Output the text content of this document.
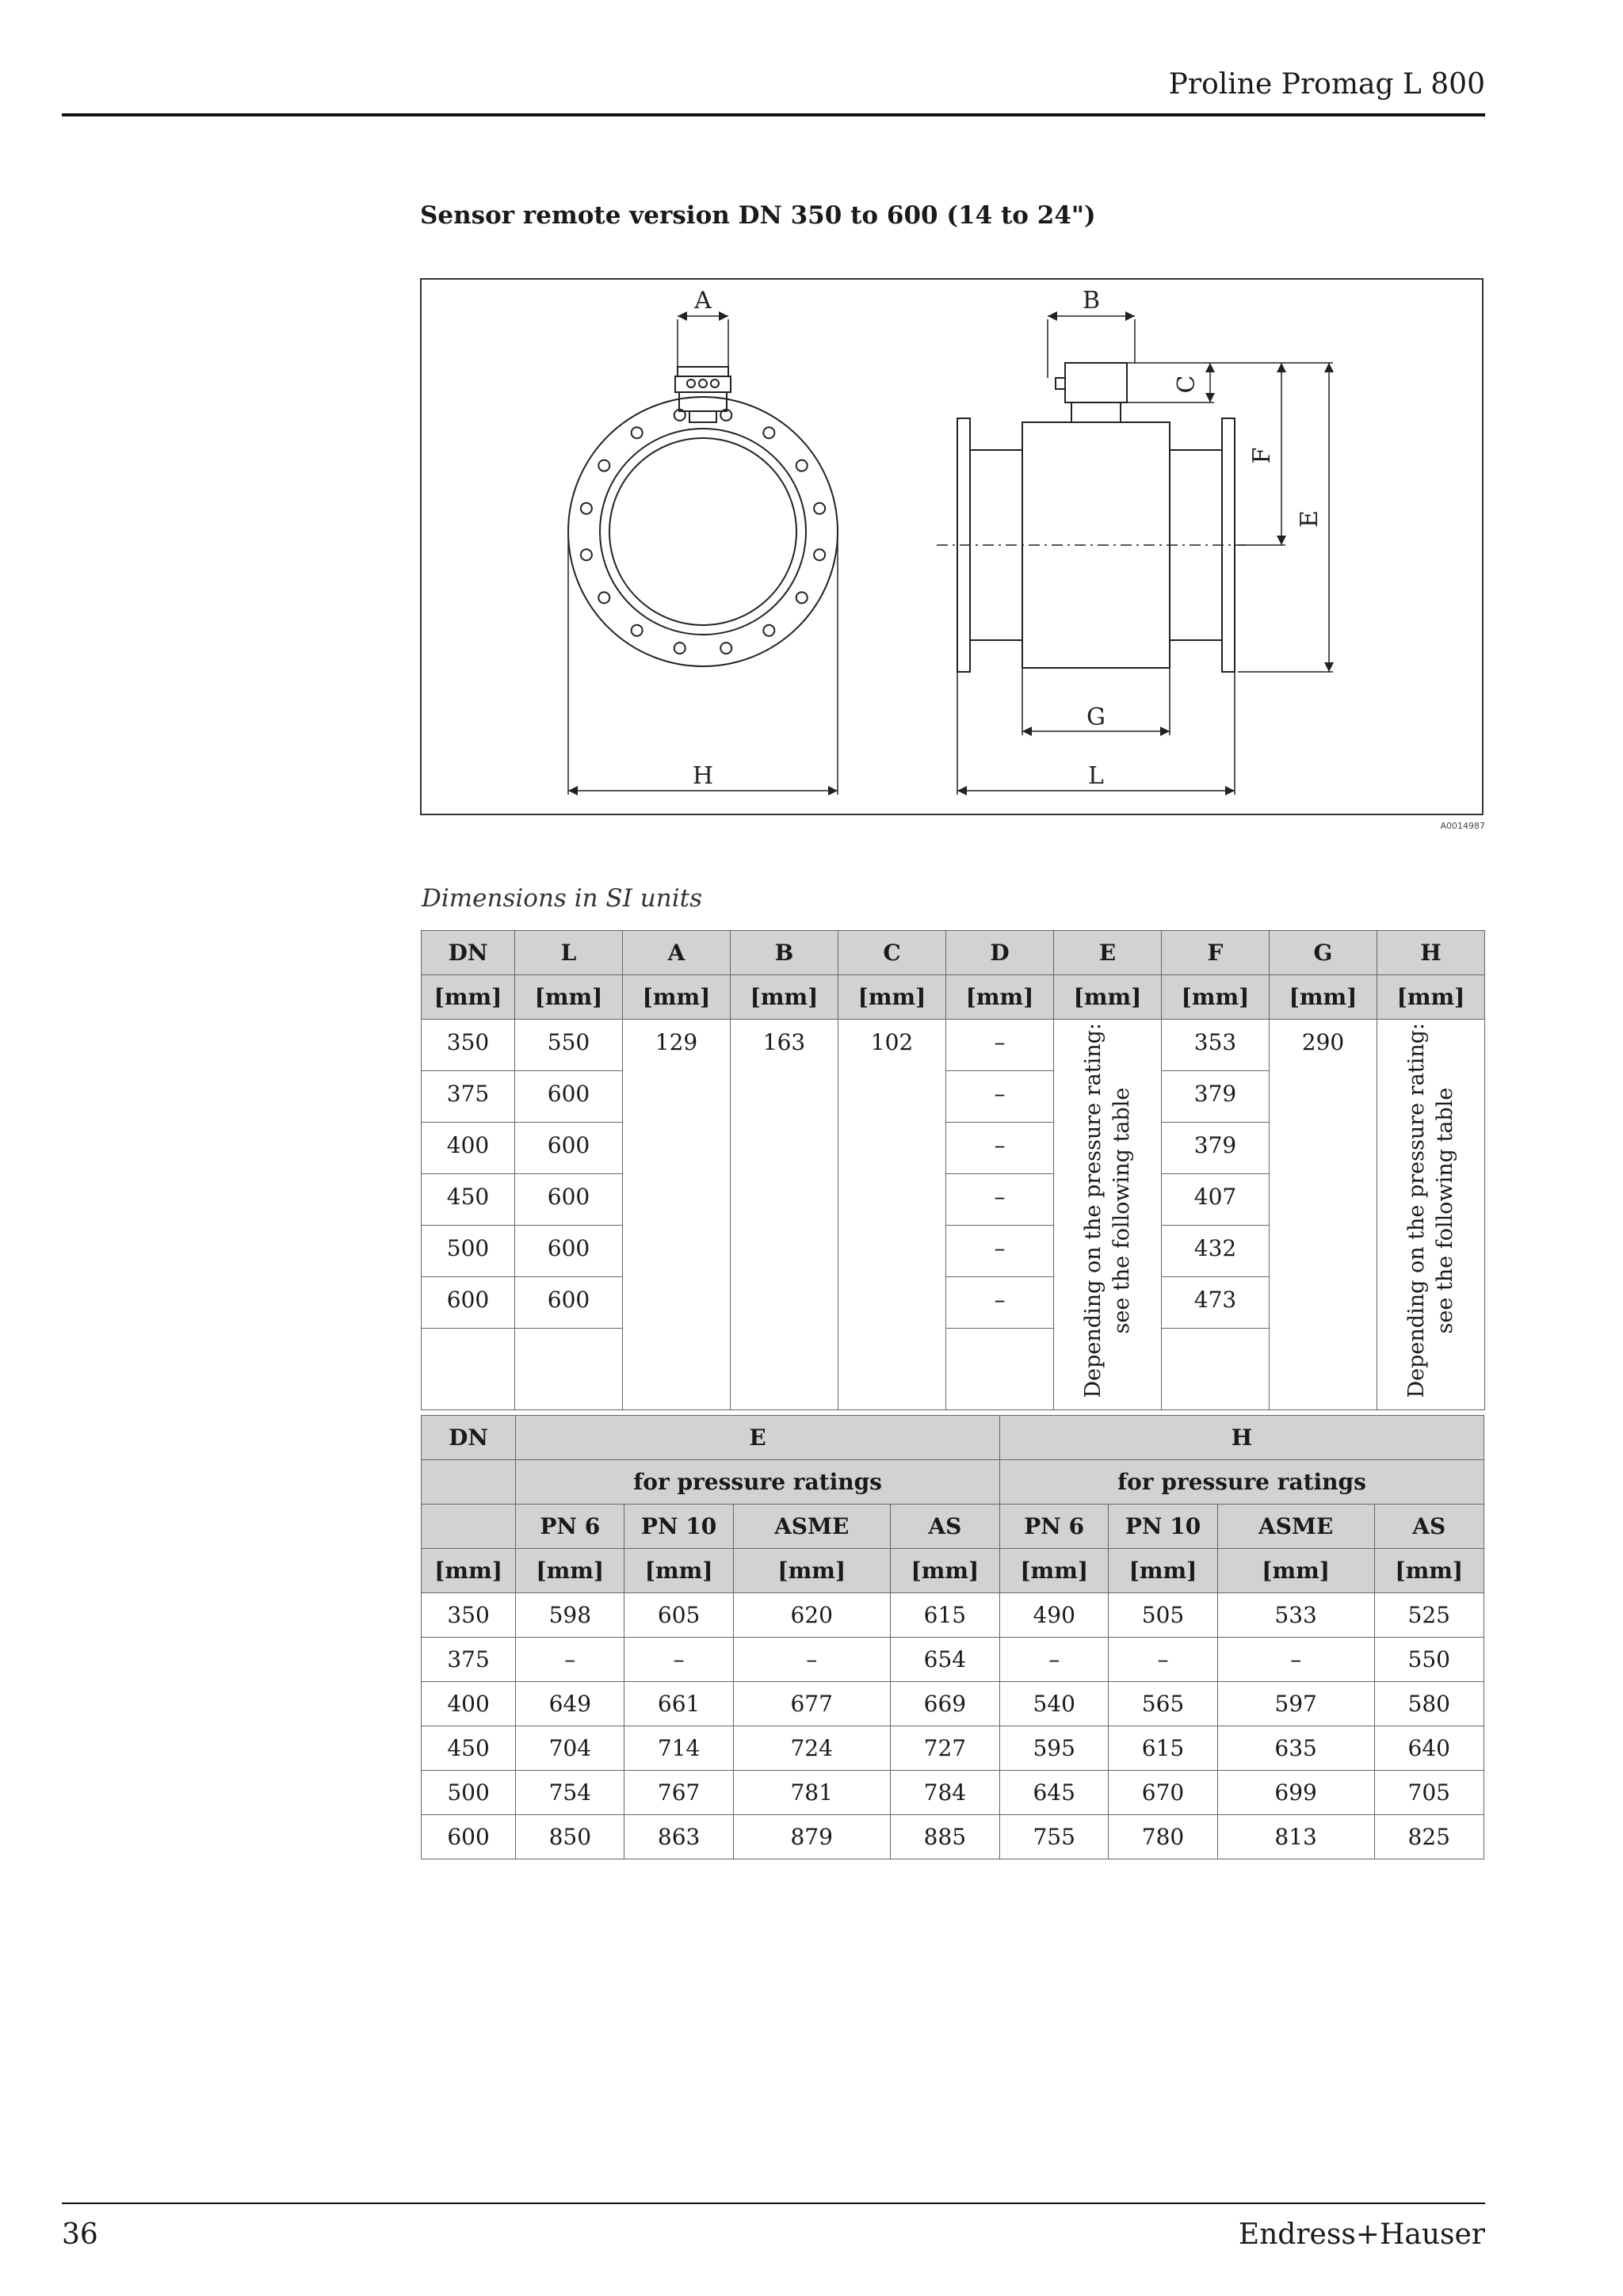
Proline Promag L 800
Sensor remote version DN 350 to 600 (14 to 24")
A	B
C
F
E
G
H	L
A0014987
Dimensions in SI units
DN	L	A	B	C	D	E	F	G	H
[mm]	[mm]	[mm]	[mm]	[mm]	[mm]	[mm]	[mm]	[mm]	[mm]
350	550	129	163	102	–	Depending on the pressure rating: see the following table	353	290	Depending on the pressure rating: see the following table
375	600				–		379		
400	600				–		379		
450	600				–		407		
500	600				–		432		
600	600				–		473		

DN	E				H			
	for pressure ratings				for pressure ratings			
	PN 6	PN 10	ASME	AS	PN 6	PN 10	ASME	AS
[mm]	[mm]	[mm]	[mm]	[mm]	[mm]	[mm]	[mm]	[mm]
350	598	605	620	615	490	505	533	525
375	–	–	–	654	–	–	–	550
400	649	661	677	669	540	565	597	580
450	704	714	724	727	595	615	635	640
500	754	767	781	784	645	670	699	705
600	850	863	879	885	755	780	813	825
36	Endress+Hauser
